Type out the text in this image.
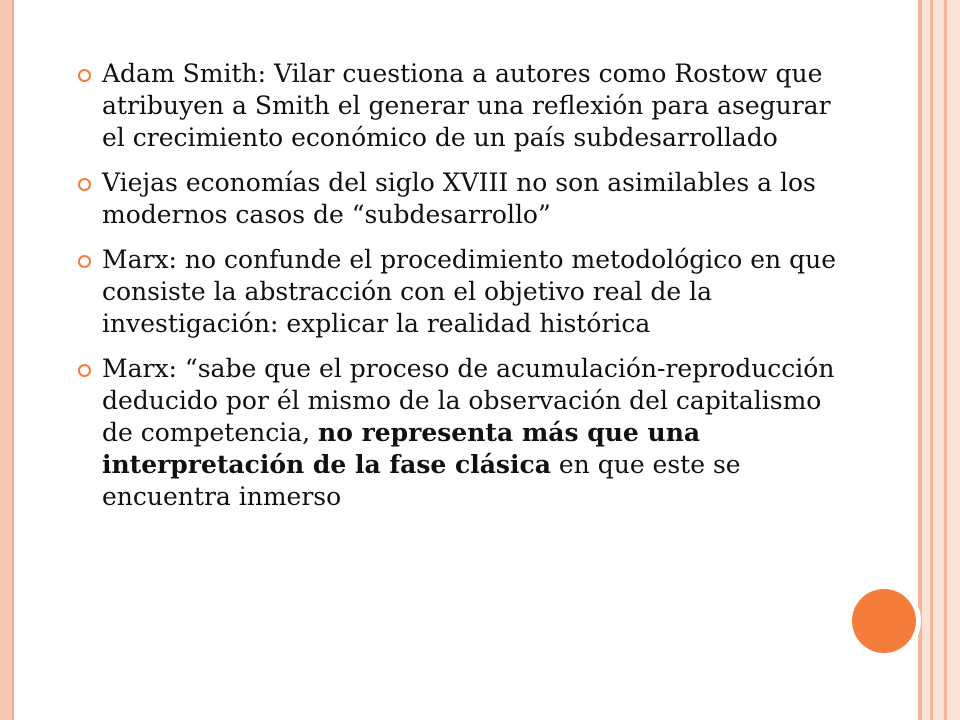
Adam Smith: Vilar cuestiona a autores como Rostow que atribuyen a Smith el generar una reflexión para asegurar el crecimiento económico de un país subdesarrollado

Viejas economías del siglo XVIII no son asimilables a los modernos casos de “subdesarrollo”

Marx: no confunde el procedimiento metodológico en que consiste la abstracción con el objetivo real de la investigación: explicar la realidad histórica

Marx: “sabe que el proceso de acumulación-reproducción deducido por él mismo de la observación del capitalismo de competencia, no representa más que una interpretación de la fase clásica en que este se encuentra inmerso
